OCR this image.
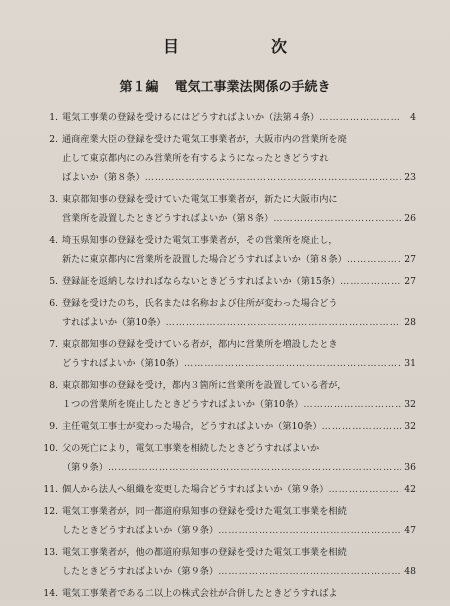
目　次
第１編 電気工事業法関係の手続き
1. 電気工事業の登録を受けるにはどうすればよいか（法第４条） ………………………………………………………………………………………………………	4
2. 通商産業大臣の登録を受けた電気工事業者が，大阪市内の営業所を廃
止して東京都内にのみ営業所を有するようになったときどうすれ
ばよいか（第８条） ………………………………………………………………………………………………………	23
3. 東京都知事の登録を受けていた電気工事業者が，新たに大阪市内に
営業所を設置したときどうすればよいか（第８条） ………………………………………………………………………………………………………	26
4. 埼玉県知事の登録を受けた電気工事業者が，その営業所を廃止し，
新たに東京都内に営業所を設置した場合どうすればよいか（第８条） ………………………………………………………………………………………………………	27
5. 登録証を返納しなければならないときどうすればよいか（第15条） ………………………………………………………………………………………………………	27
6. 登録を受けたのち，氏名または名称および住所が変わった場合どう
すればよいか（第10条） ………………………………………………………………………………………………………	28
7. 東京都知事の登録を受けている者が，都内に営業所を増設したとき
どうすればよいか（第10条） ………………………………………………………………………………………………………	31
8. 東京都知事の登録を受け，都内３箇所に営業所を設置している者が，
１つの営業所を廃止したときどうすればよいか（第10条） ………………………………………………………………………………………………………	32
9. 主任電気工事士が変わった場合，どうすればよいか（第10条） ………………………………………………………………………………………………………	32
10. 父の死亡により，電気工事業を相続したときどうすればよいか
（第９条） ………………………………………………………………………………………………………	36
11. 個人から法人へ組織を変更した場合どうすればよいか（第９条） ………………………………………………………………………………………………………	42
12. 電気工事業者が，同一都道府県知事の登録を受けた電気工事業を相続
したときどうすればよいか（第９条） ………………………………………………………………………………………………………	47
13. 電気工事業者が，他の都道府県知事の登録を受けた電気工事業を相続
したときどうすればよいか（第９条） ………………………………………………………………………………………………………	48
14. 電気工事業者である二以上の株式会社が合併したときどうすればよ
